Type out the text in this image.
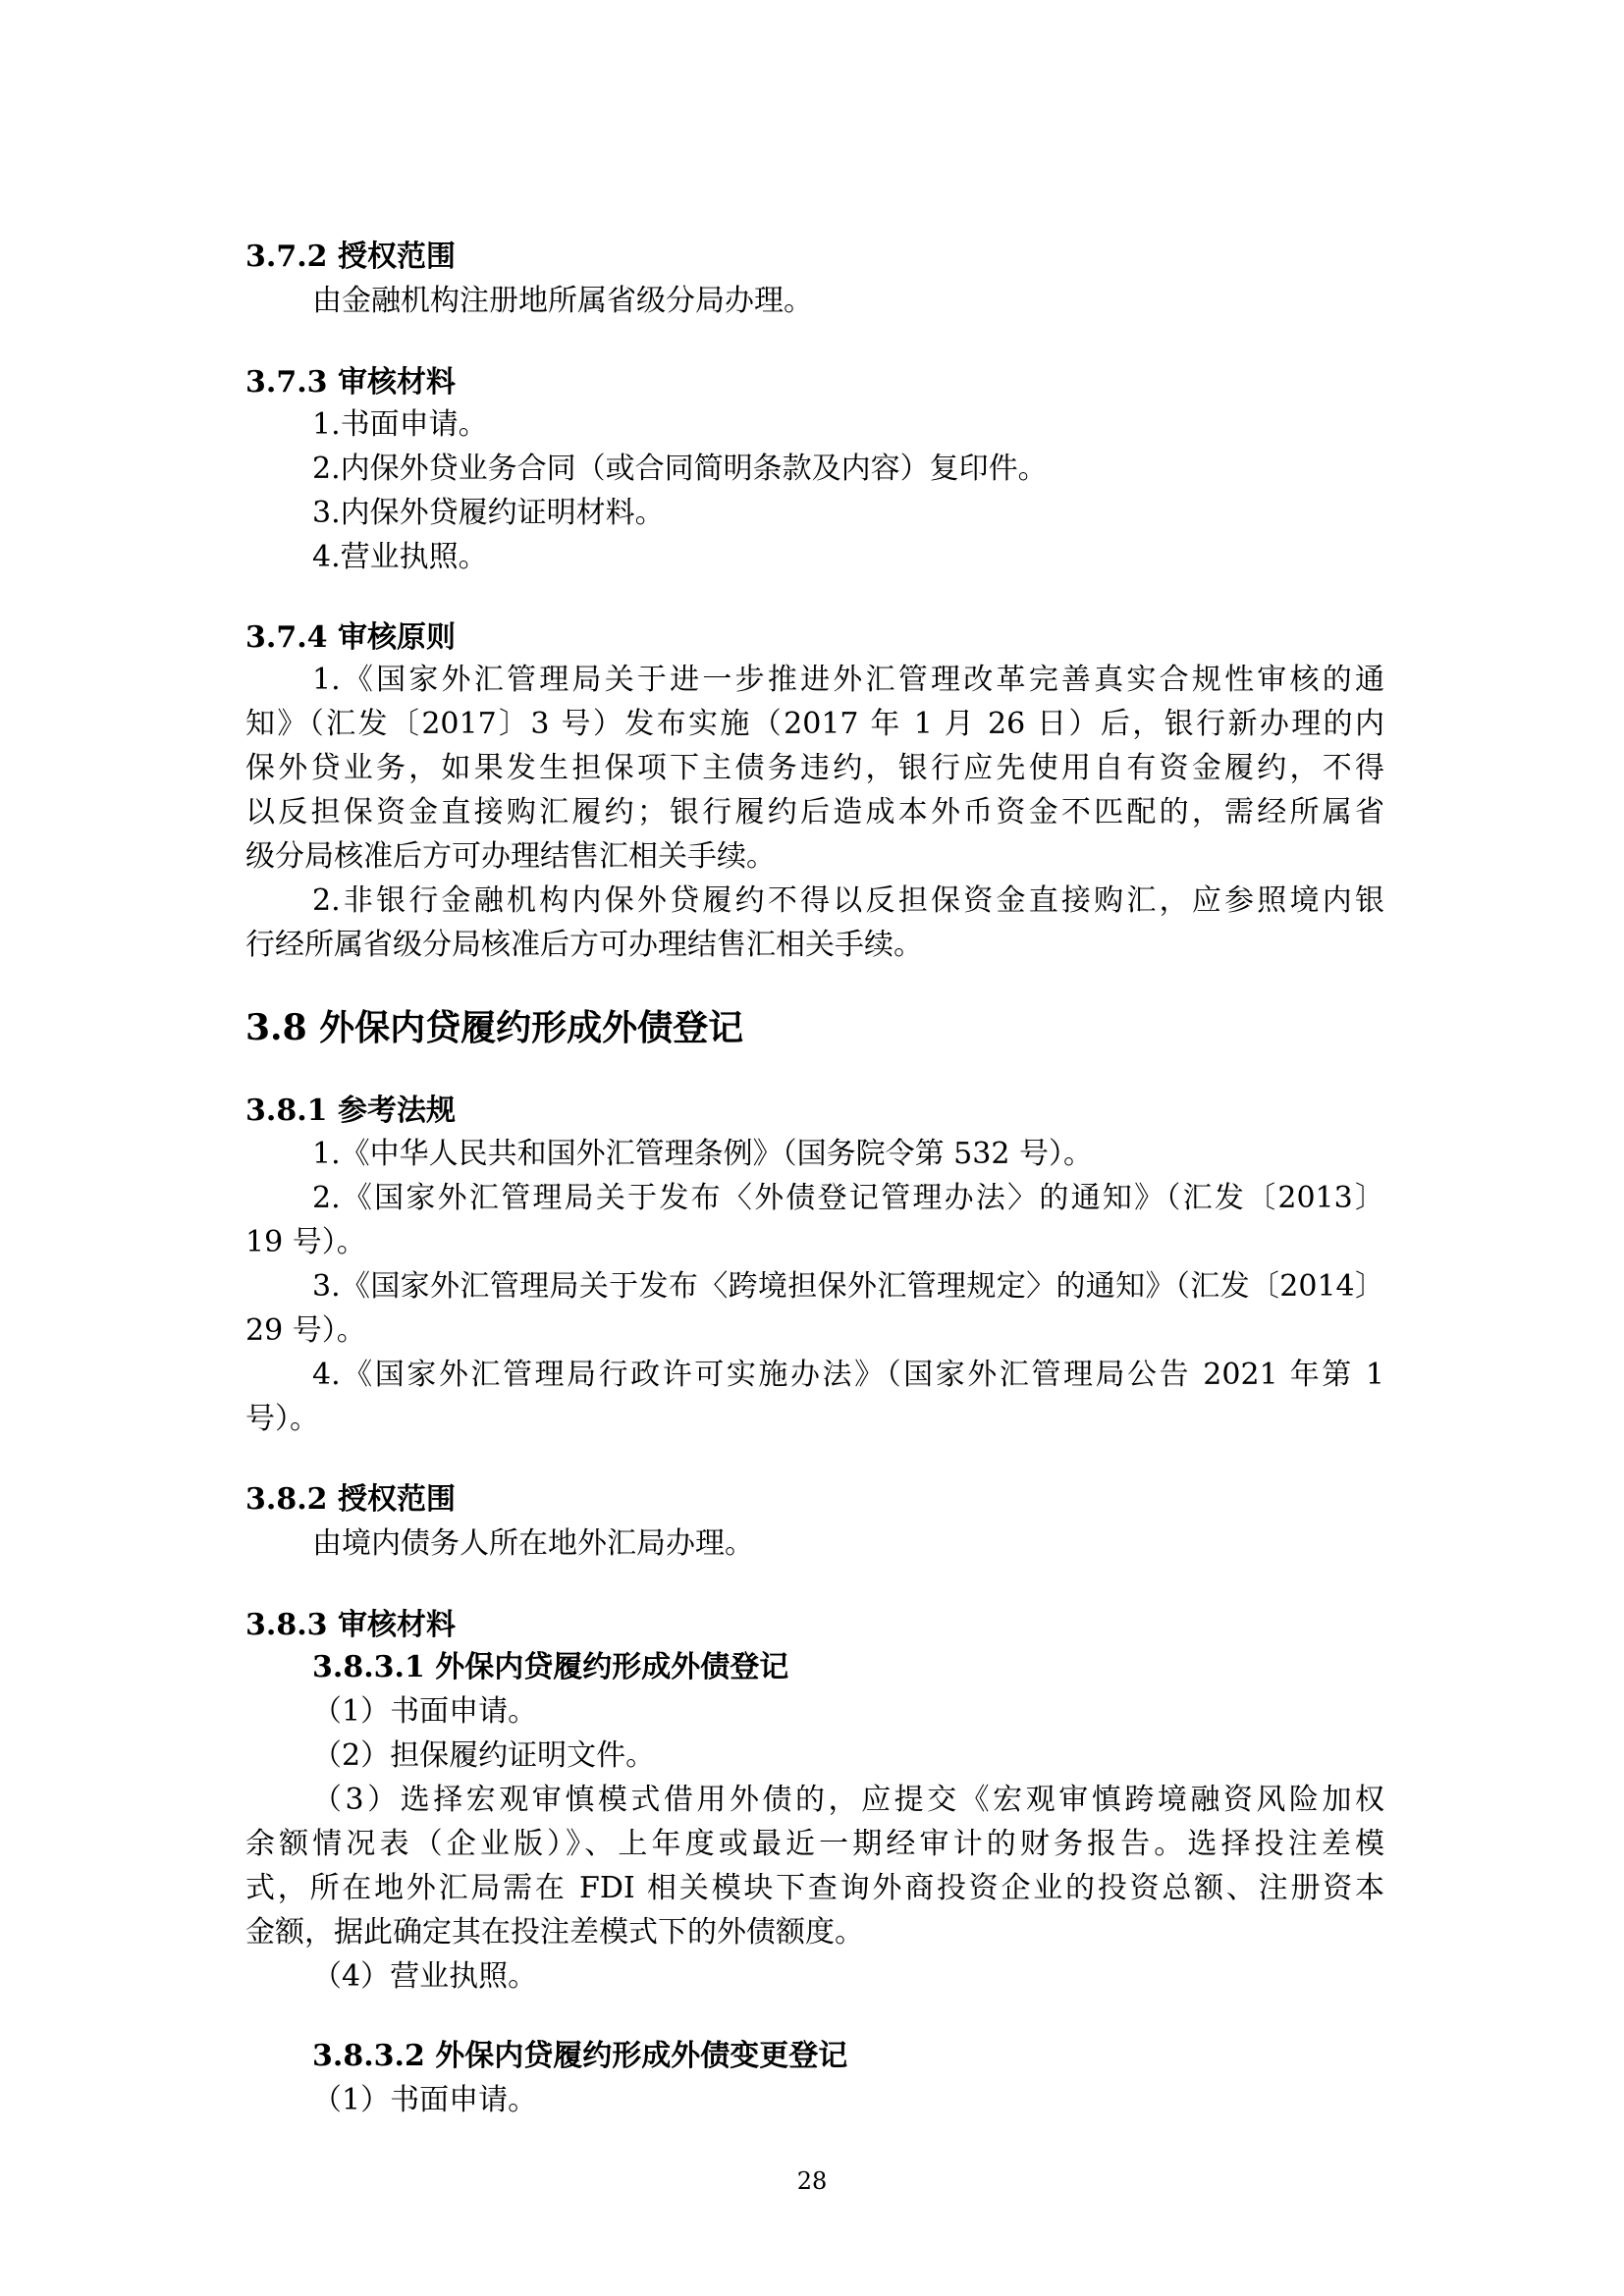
3.7.2 授权范围
由金融机构注册地所属省级分局办理。
3.7.3 审核材料
1.书面申请。
2.内保外贷业务合同（或合同简明条款及内容）复印件。
3.内保外贷履约证明材料。
4.营业执照。
3.7.4 审核原则
1.《国家外汇管理局关于进一步推进外汇管理改革完善真实合规性审核的通
知》（汇发〔2017〕3 号）发布实施（2017 年 1 月 26 日）后，银行新办理的内
保外贷业务，如果发生担保项下主债务违约，银行应先使用自有资金履约，不得
以反担保资金直接购汇履约；银行履约后造成本外币资金不匹配的，需经所属省
级分局核准后方可办理结售汇相关手续。
2.非银行金融机构内保外贷履约不得以反担保资金直接购汇，应参照境内银
行经所属省级分局核准后方可办理结售汇相关手续。
3.8 外保内贷履约形成外债登记
3.8.1 参考法规
1.《中华人民共和国外汇管理条例》（国务院令第 532 号）。
2.《国家外汇管理局关于发布〈外债登记管理办法〉的通知》（汇发〔2013〕
19 号）。
3.《国家外汇管理局关于发布〈跨境担保外汇管理规定〉的通知》（汇发〔2014〕
29 号）。
4.《国家外汇管理局行政许可实施办法》（国家外汇管理局公告 2021 年第 1
号）。
3.8.2 授权范围
由境内债务人所在地外汇局办理。
3.8.3 审核材料
3.8.3.1 外保内贷履约形成外债登记
（1）书面申请。
（2）担保履约证明文件。
（3）选择宏观审慎模式借用外债的，应提交《宏观审慎跨境融资风险加权
余额情况表（企业版）》、上年度或最近一期经审计的财务报告。选择投注差模
式，所在地外汇局需在 FDI 相关模块下查询外商投资企业的投资总额、注册资本
金额，据此确定其在投注差模式下的外债额度。
（4）营业执照。
3.8.3.2 外保内贷履约形成外债变更登记
（1）书面申请。
28
